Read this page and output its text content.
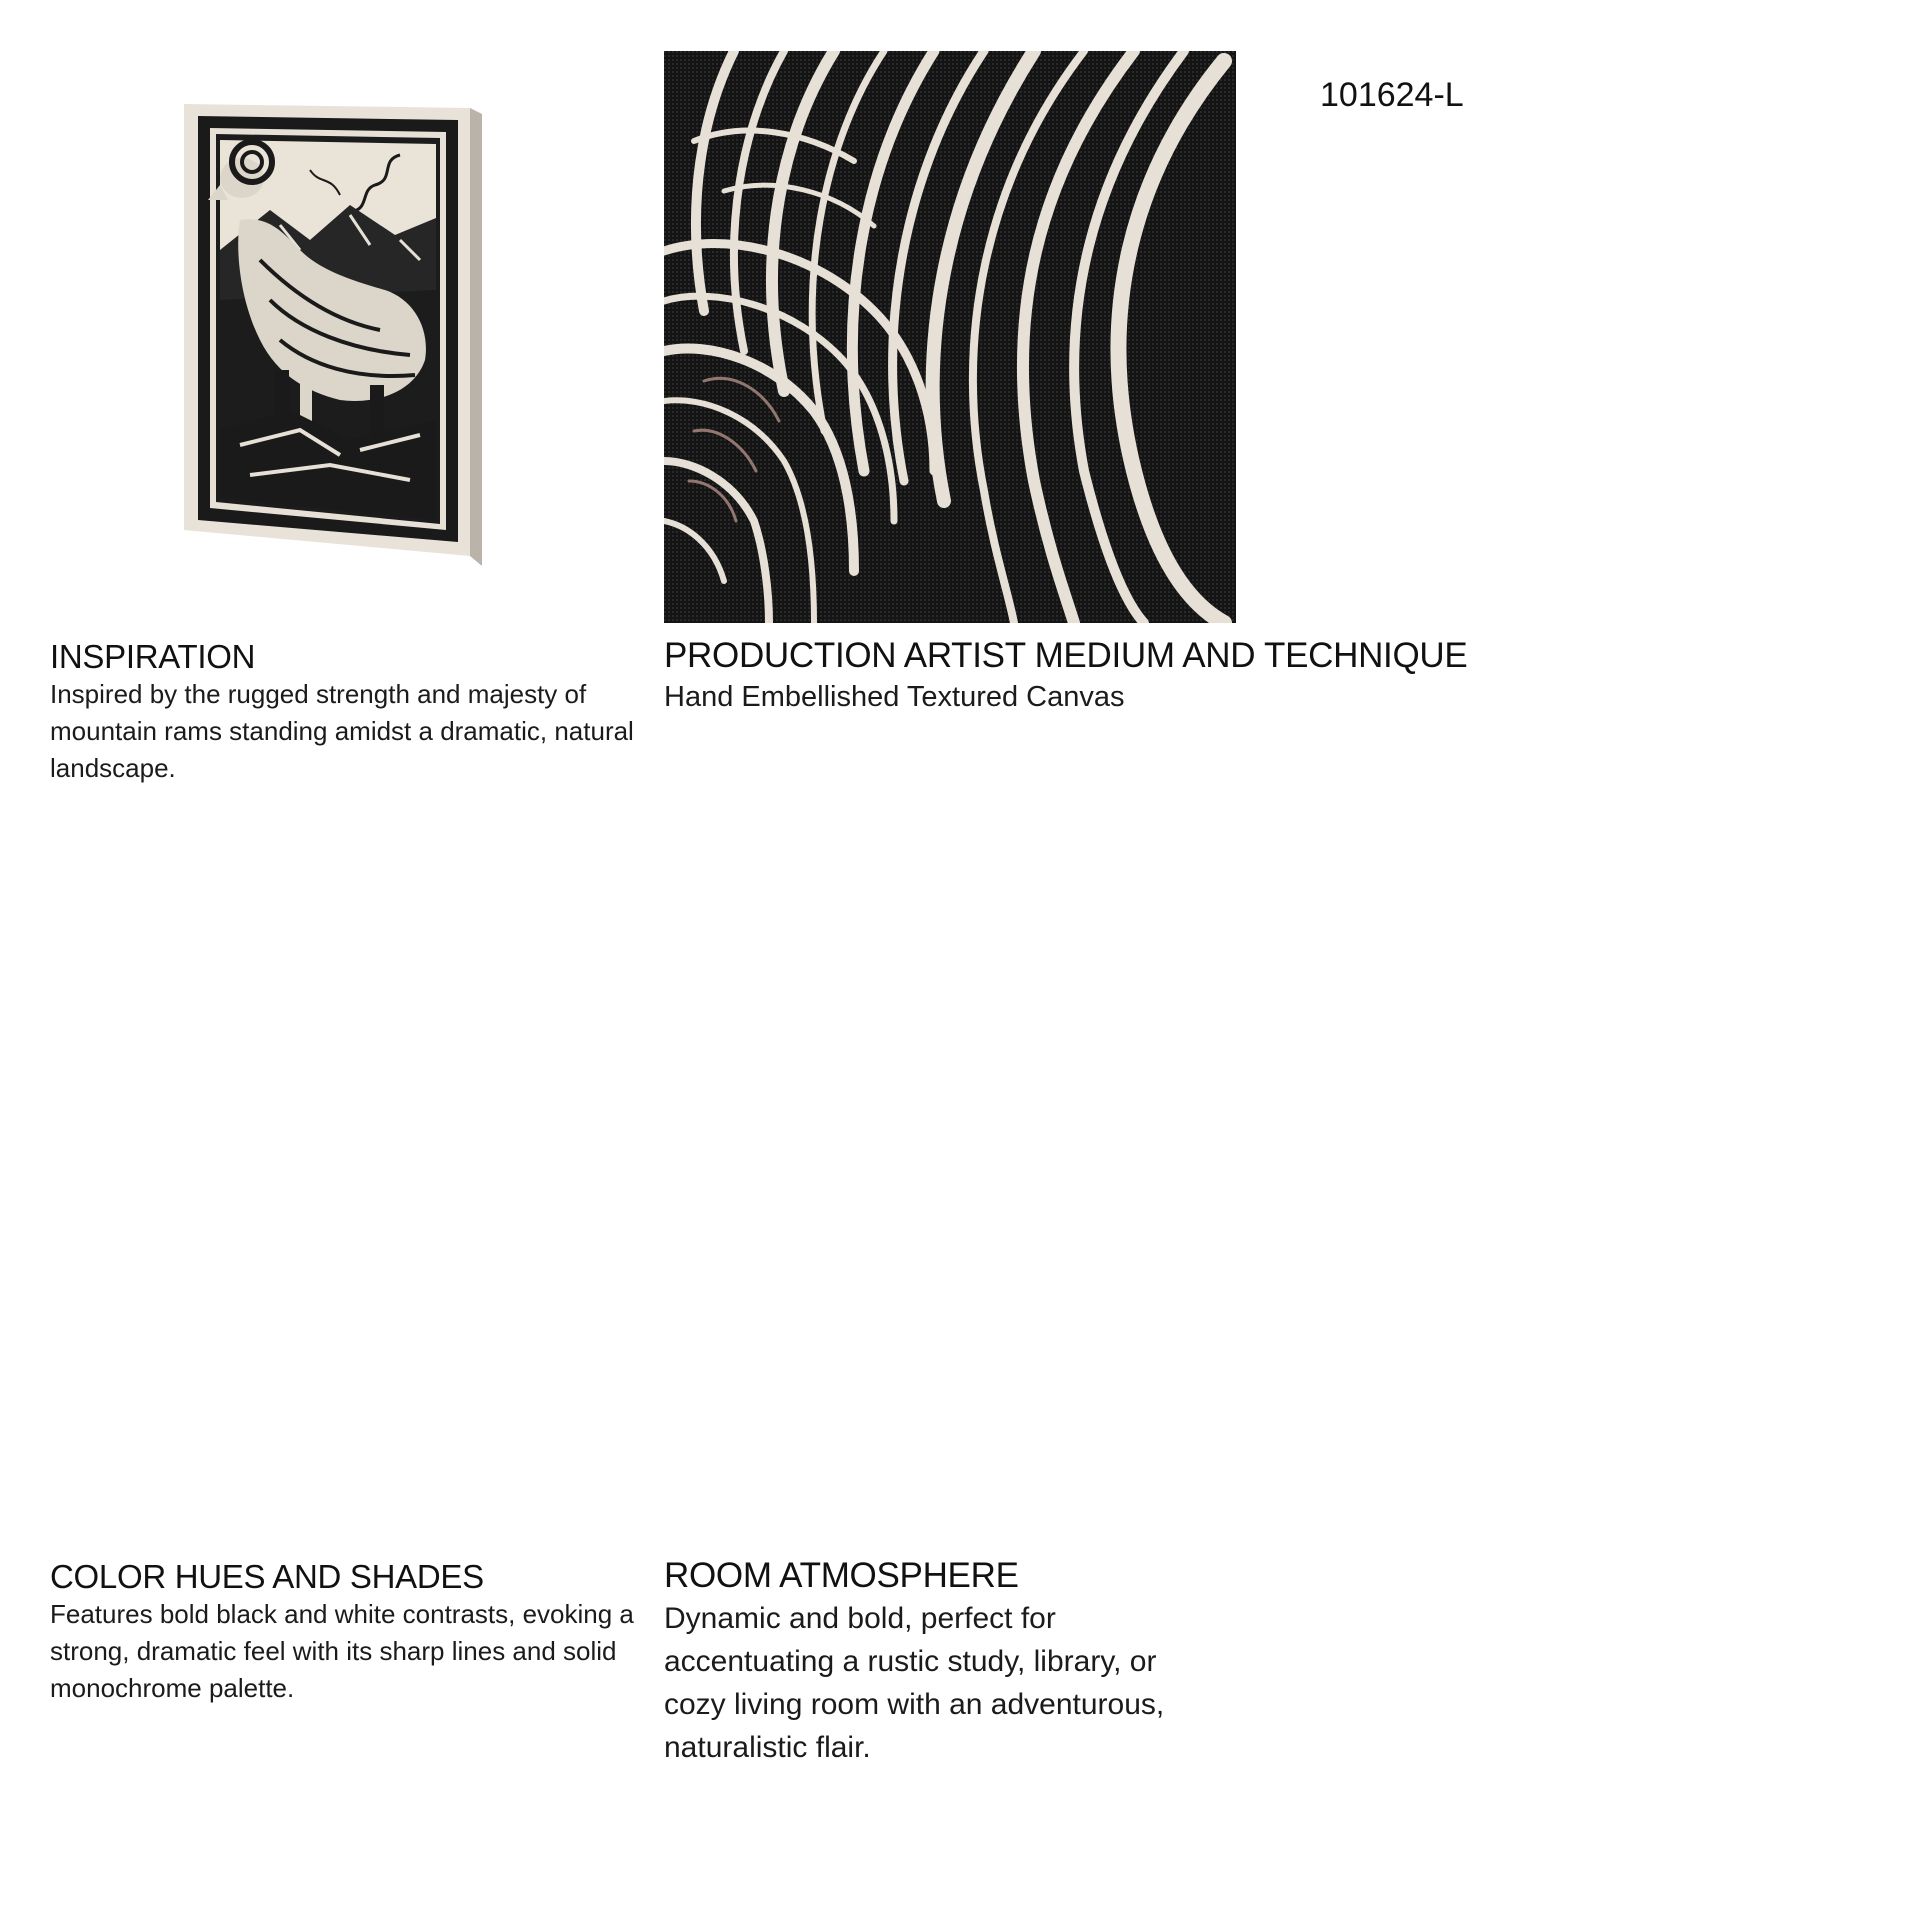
101624-L
INSPIRATION

Inspired by the rugged strength and majesty of mountain rams standing amidst a dramatic, natural landscape.

PRODUCTION ARTIST MEDIUM AND TECHNIQUE

Hand Embellished Textured Canvas

COLOR HUES AND SHADES

Features bold black and white contrasts, evoking a strong, dramatic feel with its sharp lines and solid monochrome palette.

ROOM ATMOSPHERE

Dynamic and bold, perfect for accentuating a rustic study, library, or cozy living room with an adventurous, naturalistic flair.
